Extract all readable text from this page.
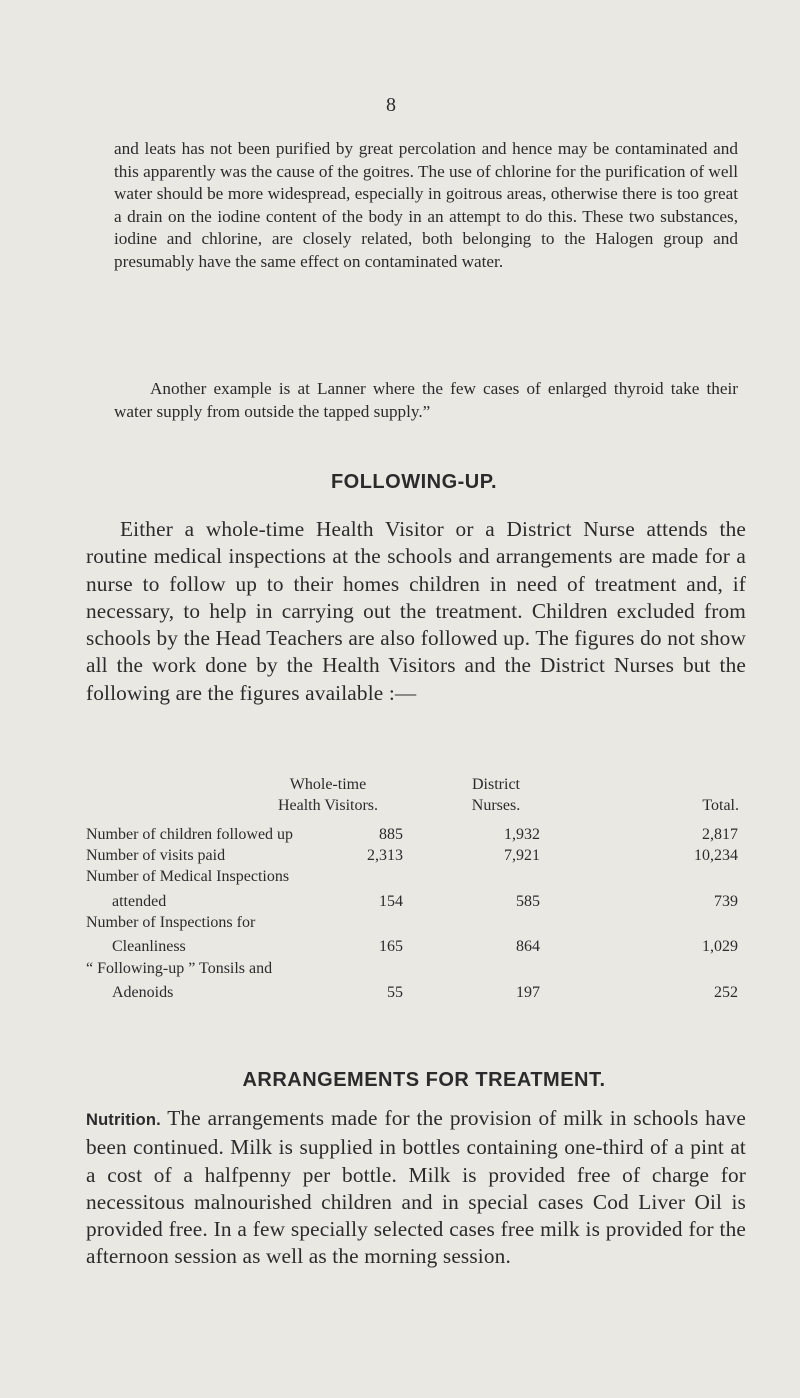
8

and leats has not been purified by great percolation and hence may be contaminated and this apparently was the cause of the goitres. The use of chlorine for the purification of well water should be more widespread, especially in goitrous areas, otherwise there is too great a drain on the iodine content of the body in an attempt to do this. These two substances, iodine and chlorine, are closely related, both belonging to the Halogen group and presumably have the same effect on contaminated water.

Another example is at Lanner where the few cases of enlarged thyroid take their water supply from outside the tapped supply.”

FOLLOWING-UP.

Either a whole-time Health Visitor or a District Nurse attends the routine medical inspections at the schools and arrangements are made for a nurse to follow up to their homes children in need of treatment and, if necessary, to help in carrying out the treatment. Children excluded from schools by the Head Teachers are also followed up. The figures do not show all the work done by the Health Visitors and the District Nurses but the following are the figures available :—

Whole-time
Health Visitors.
District
Nurses.	Total.
Number of children followed up	885	1,932	2,817
Number of visits paid	2,313	7,921	10,234
Number of Medical Inspections
attended	154	585	739
Number of Inspections for
Cleanliness	165	864	1,029
“ Following-up ” Tonsils and
Adenoids	55	197	252
ARRANGEMENTS FOR TREATMENT.

Nutrition. The arrangements made for the provision of milk in schools have been continued. Milk is supplied in bottles containing one-third of a pint at a cost of a halfpenny per bottle. Milk is provided free of charge for necessitous malnourished children and in special cases Cod Liver Oil is provided free. In a few specially selected cases free milk is provided for the afternoon session as well as the morning session.
